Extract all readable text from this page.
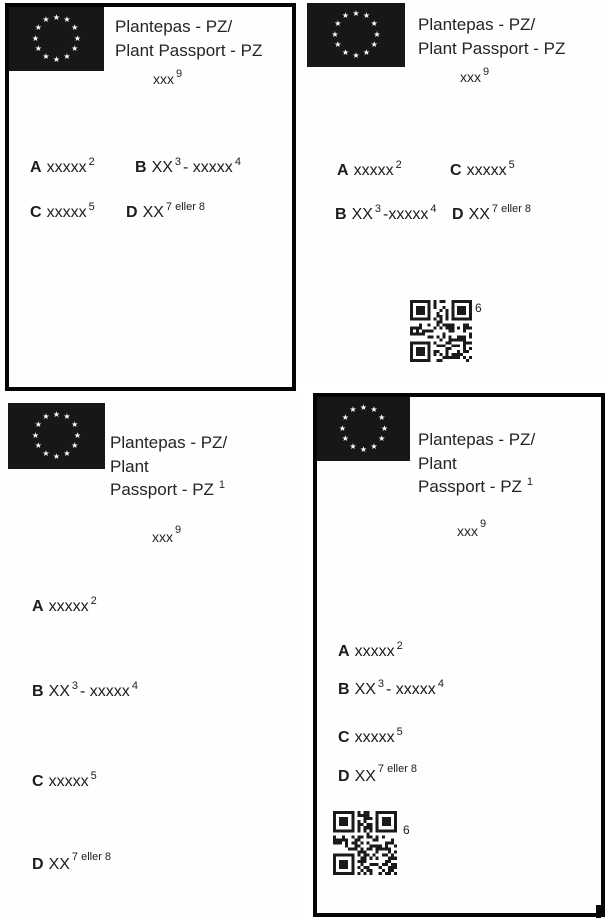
★ ★
★
★
★
★
★
★
★
★
★
★	Plantepas - PZ/
Plant Passport - PZ
xxx $^9$
A xxxxx $^2$	B XX $^3$ - xxxxx $^4$
C xxxxx $^5$ D XX $^{7 eller 8}$
★ ★
★
★
★
★
★
★
★
★
★
★	Plantepas - PZ/
Plant Passport - PZ
xxx $^9$
A xxxxx $^2$	C xxxxx $^5$
B XX $^3$ -xxxxx $^4$ D XX $^{7 eller 8}$
6
★ ★
★
★
★
★
★
★
★
★
★
★
Plantepas - PZ/
Plant
Passport - PZ $^1$
xxx $^9$
A xxxxx $^2$
B XX $^3$ - xxxxx $^4$
C xxxxx $^5$
D XX $^{7 eller 8}$
★ ★
★
★
★
★
★
★
★
★
★
★
Plantepas - PZ/
Plant
Passport - PZ $^1$
xxx $^9$
A xxxxx $^2$
B XX $^3$ - xxxxx $^4$
C xxxxx $^5$
D XX $^{7 eller 8}$
6
